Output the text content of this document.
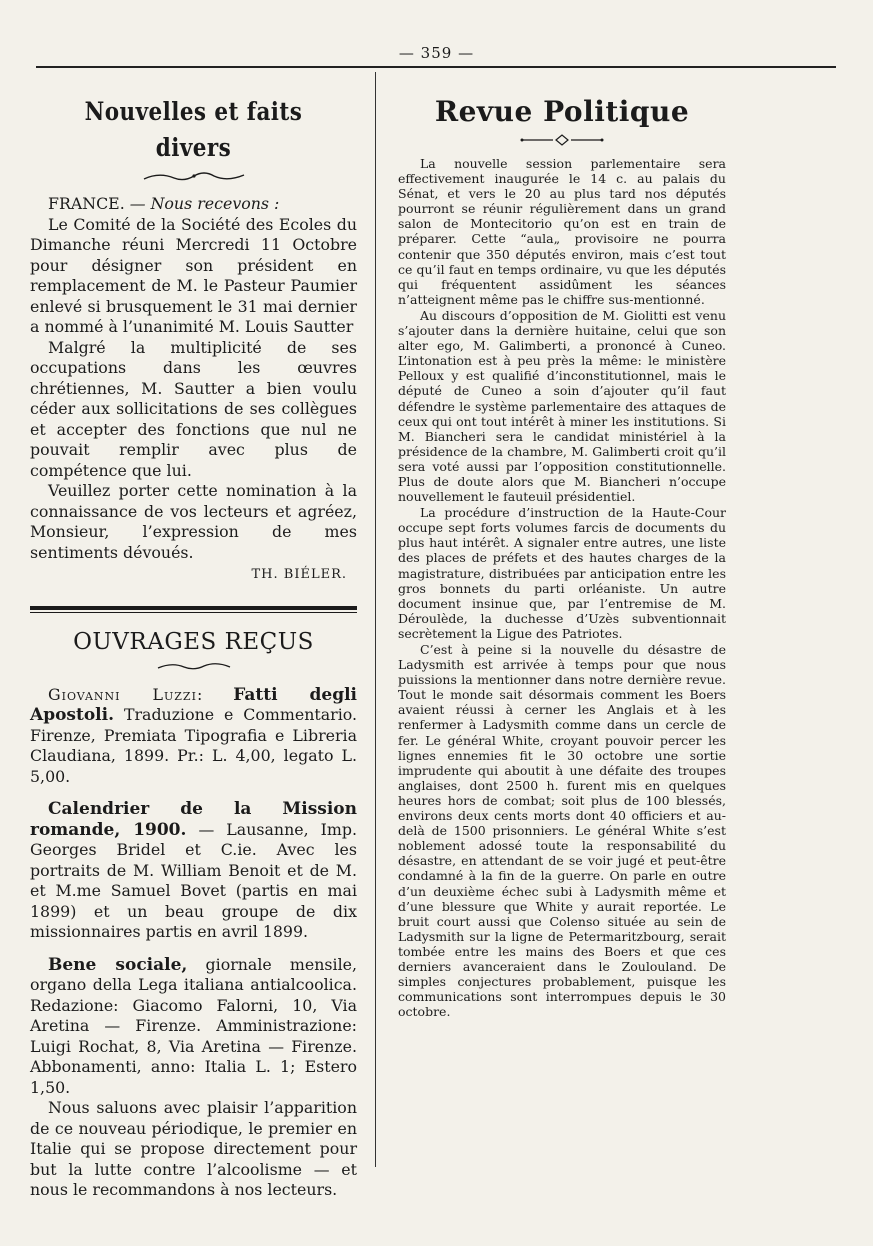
— 359 —
Nouvelles et faits divers

FRANCE. — Nous recevons :

Le Comité de la Société des Ecoles du Dimanche réuni Mercredi 11 Octobre pour désigner son président en remplacement de M. le Pasteur Paumier enlevé si brusquement le 31 mai dernier a nommé à l’unanimité M. Louis Sautter

Malgré la multiplicité de ses occupations dans les œuvres chrétiennes, M. Sautter a bien voulu céder aux sollicitations de ses collègues et accepter des fonctions que nul ne pouvait remplir avec plus de compétence que lui.

Veuillez porter cette nomination à la connaissance de vos lecteurs et agréez, Monsieur, l’expression de mes sentiments dévoués.

TH. BIÉLER.
OUVRAGES REÇUS

Giovanni Luzzi: Fatti degli Apostoli. Traduzione e Commentario. Firenze, Premiata Tipografia e Libreria Claudiana, 1899. Pr.: L. 4,00, legato L. 5,00.

Calendrier de la Mission romande, 1900. — Lausanne, Imp. Georges Bridel et C.ie. Avec les portraits de M. William Benoit et de M. et M.me Samuel Bovet (partis en mai 1899) et un beau groupe de dix missionnaires partis en avril 1899.

Bene sociale, giornale mensile, organo della Lega italiana antialcoolica. Redazione: Giacomo Falorni, 10, Via Aretina — Firenze. Amministrazione: Luigi Rochat, 8, Via Aretina — Firenze. Abbonamenti, anno: Italia L. 1; Estero 1,50.

Nous saluons avec plaisir l’apparition de ce nouveau périodique, le premier en Italie qui se propose directement pour but la lutte contre l’alcoolisme — et nous le recommandons à nos lecteurs.

Revue Politique

La nouvelle session parlementaire sera effectivement inaugurée le 14 c. au palais du Sénat, et vers le 20 au plus tard nos députés pourront se réunir régulièrement dans un grand salon de Montecitorio qu’on est en train de préparer. Cette “aula„ provisoire ne pourra contenir que 350 députés environ, mais c’est tout ce qu’il faut en temps ordinaire, vu que les députés qui fréquentent assidûment les séances n’atteignent même pas le chiffre sus-mentionné.

Au discours d’opposition de M. Giolitti est venu s’ajouter dans la dernière huitaine, celui que son alter ego, M. Galimberti, a prononcé à Cuneo. L’intonation est à peu près la même: le ministère Pelloux y est qualifié d’inconstitutionnel, mais le député de Cuneo a soin d’ajouter qu’il faut défendre le système parlementaire des attaques de ceux qui ont tout intérêt à miner les institutions. Si M. Biancheri sera le candidat ministériel à la présidence de la chambre, M. Galimberti croit qu’il sera voté aussi par l’opposition constitutionnelle. Plus de doute alors que M. Biancheri n’occupe nouvellement le fauteuil présidentiel.

La procédure d’instruction de la Haute-Cour occupe sept forts volumes farcis de documents du plus haut intérêt. A signaler entre autres, une liste des places de préfets et des hautes charges de la magistrature, distribuées par anticipation entre les gros bonnets du parti orléaniste. Un autre document insinue que, par l’entremise de M. Déroulède, la duchesse d’Uzès subventionnait secrètement la Ligue des Patriotes.

C’est à peine si la nouvelle du désastre de Ladysmith est arrivée à temps pour que nous puissions la mentionner dans notre dernière revue. Tout le monde sait désormais comment les Boers avaient réussi à cerner les Anglais et à les renfermer à Ladysmith comme dans un cercle de fer. Le général White, croyant pouvoir percer les lignes ennemies fit le 30 octobre une sortie imprudente qui aboutit à une défaite des troupes anglaises, dont 2500 h. furent mis en quelques heures hors de combat; soit plus de 100 blessés, environs deux cents morts dont 40 officiers et au-delà de 1500 prisonniers. Le général White s’est noblement adossé toute la responsabilité du désastre, en attendant de se voir jugé et peut-être condamné à la fin de la guerre. On parle en outre d’un deuxième échec subi à Ladysmith même et d’une blessure que White y aurait reportée. Le bruit court aussi que Colenso située au sein de Ladysmith sur la ligne de Petermaritzbourg, serait tombée entre les mains des Boers et que ces derniers avanceraient dans le Zoulouland. De simples conjectures probablement, puisque les communications sont interrompues depuis le 30 octobre.
